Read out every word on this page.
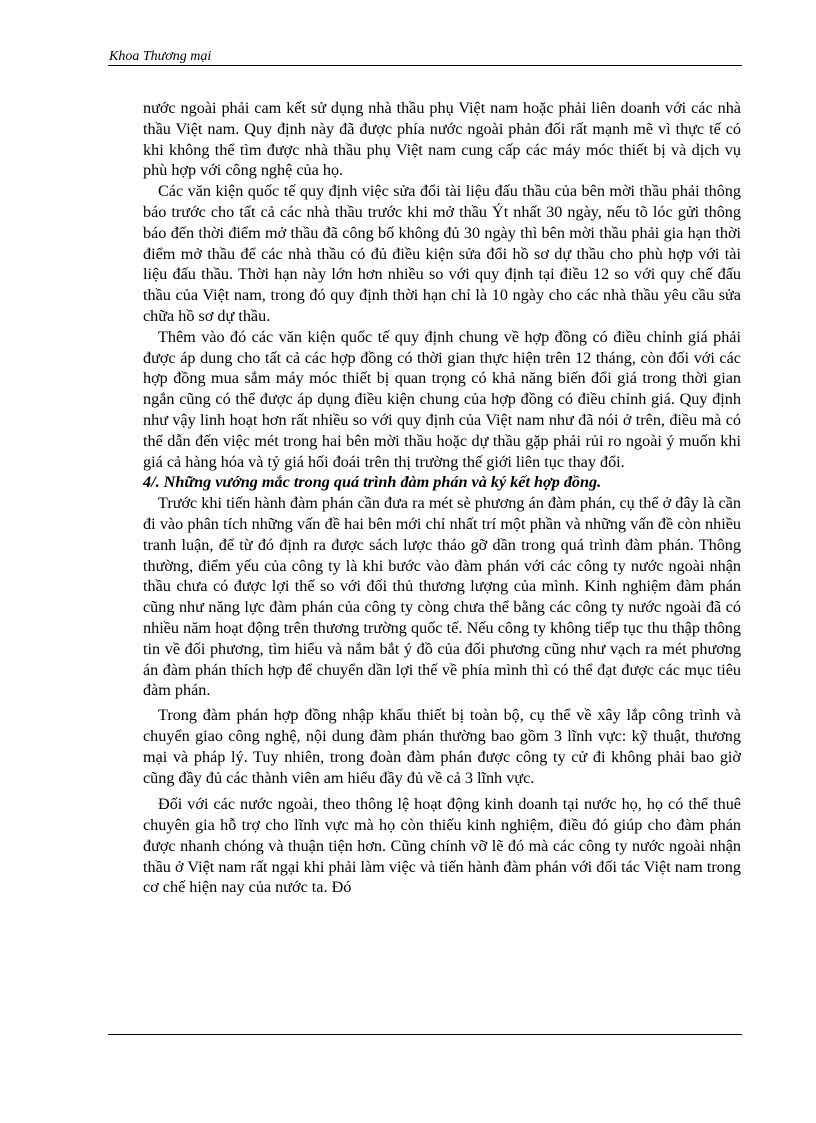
Khoa Thương mại

nước ngoài phải cam kết sử dụng nhà thầu phụ Việt nam hoặc phải liên doanh với các nhà thầu Việt nam. Quy định này đã được phía nước ngoài phản đối rất mạnh mẽ vì thực tế có khi không thể tìm được nhà thầu phụ Việt nam cung cấp các máy móc thiết bị và dịch vụ phù hợp với công nghệ của họ.

Các văn kiện quốc tế quy định việc sửa đổi tài liệu đấu thầu của bên mời thầu phải thông báo trước cho tất cả các nhà thầu trước khi mở thầu Ýt nhất 30 ngày, nếu tõ lóc gửi thông báo đến thời điểm mở thầu đã công bố không đủ 30 ngày thì bên mời thầu phải gia hạn thời điểm mở thầu để các nhà thầu có đủ điều kiện sửa đổi hồ sơ dự thầu cho phù hợp với tài liệu đấu thầu. Thời hạn này lớn hơn nhiều so với quy định tại điều 12 so với quy chế đấu thầu của Việt nam, trong đó quy định thời hạn chỉ là 10 ngày cho các nhà thầu yêu cầu sửa chữa hồ sơ dự thầu.

Thêm vào đó các văn kiện quốc tế quy định chung về hợp đồng có điều chỉnh giá phải được áp dung cho tất cả các hợp đồng có thời gian thực hiện trên 12 tháng, còn đối với các hợp đồng mua sắm máy móc thiết bị quan trọng có khả năng biến đổi giá trong thời gian ngắn cũng có thể được áp dụng điều kiện chung của hợp đồng có điều chỉnh giá. Quy định như vậy linh hoạt hơn rất nhiều so với quy định của Việt nam như đã nói ở trên, điều mà có thể dẫn đến việc mét trong hai bên mời thầu hoặc dự thầu gặp phải rủi ro ngoài ý muốn khi giá cả hàng hóa và tỷ giá hối đoái trên thị trường thế giới liên tục thay đổi.

4/. Những vướng mắc trong quá trình đàm phán và ký kết hợp đồng.

Trước khi tiến hành đàm phán cần đưa ra mét sè phương án đàm phán, cụ thể ở đây là cần đi vào phân tích những vấn đề hai bên mới chỉ nhất trí một phần và những vấn đề còn nhiều tranh luận, để từ đó định ra được sách lược tháo gỡ dần trong quá trình đàm phán. Thông thường, điểm yếu của công ty là khi bước vào đàm phán với các công ty nước ngoài nhận thầu chưa có được lợi thế so với đối thủ thương lượng của mình. Kinh nghiệm đàm phán cũng như năng lực đàm phán của công ty còng chưa thể bằng các công ty nước ngoài đã có nhiều năm hoạt động trên thương trường quốc tế. Nếu công ty không tiếp tục thu thập thông tin về đối phương, tìm hiểu và nắm bắt ý đồ của đối phương cũng như vạch ra mét phương án đàm phán thích hợp để chuyển dần lợi thế về phía mình thì có thể đạt được các mục tiêu đàm phán.

Trong đàm phán hợp đồng nhập khẩu thiết bị toàn bộ, cụ thể về xây lắp công trình và chuyển giao công nghệ, nội dung đàm phán thường bao gồm 3 lĩnh vực: kỹ thuật, thương mại và pháp lý. Tuy nhiên, trong đoàn đàm phán được công ty cử đi không phải bao giờ cũng đầy đủ các thành viên am hiểu đầy đủ về cả 3 lĩnh vực.

Đối với các nước ngoài, theo thông lệ hoạt động kinh doanh tại nước họ, họ có thể thuê chuyên gia hỗ trợ cho lĩnh vực mà họ còn thiếu kinh nghiệm, điều đó giúp cho đàm phán được nhanh chóng và thuận tiện hơn. Cũng chính vỡ lẽ đó mà các công ty nước ngoài nhận thầu ở Việt nam rất ngại khi phải làm việc và tiến hành đàm phán với đối tác Việt nam trong cơ chế hiện nay của nước ta. Đó
